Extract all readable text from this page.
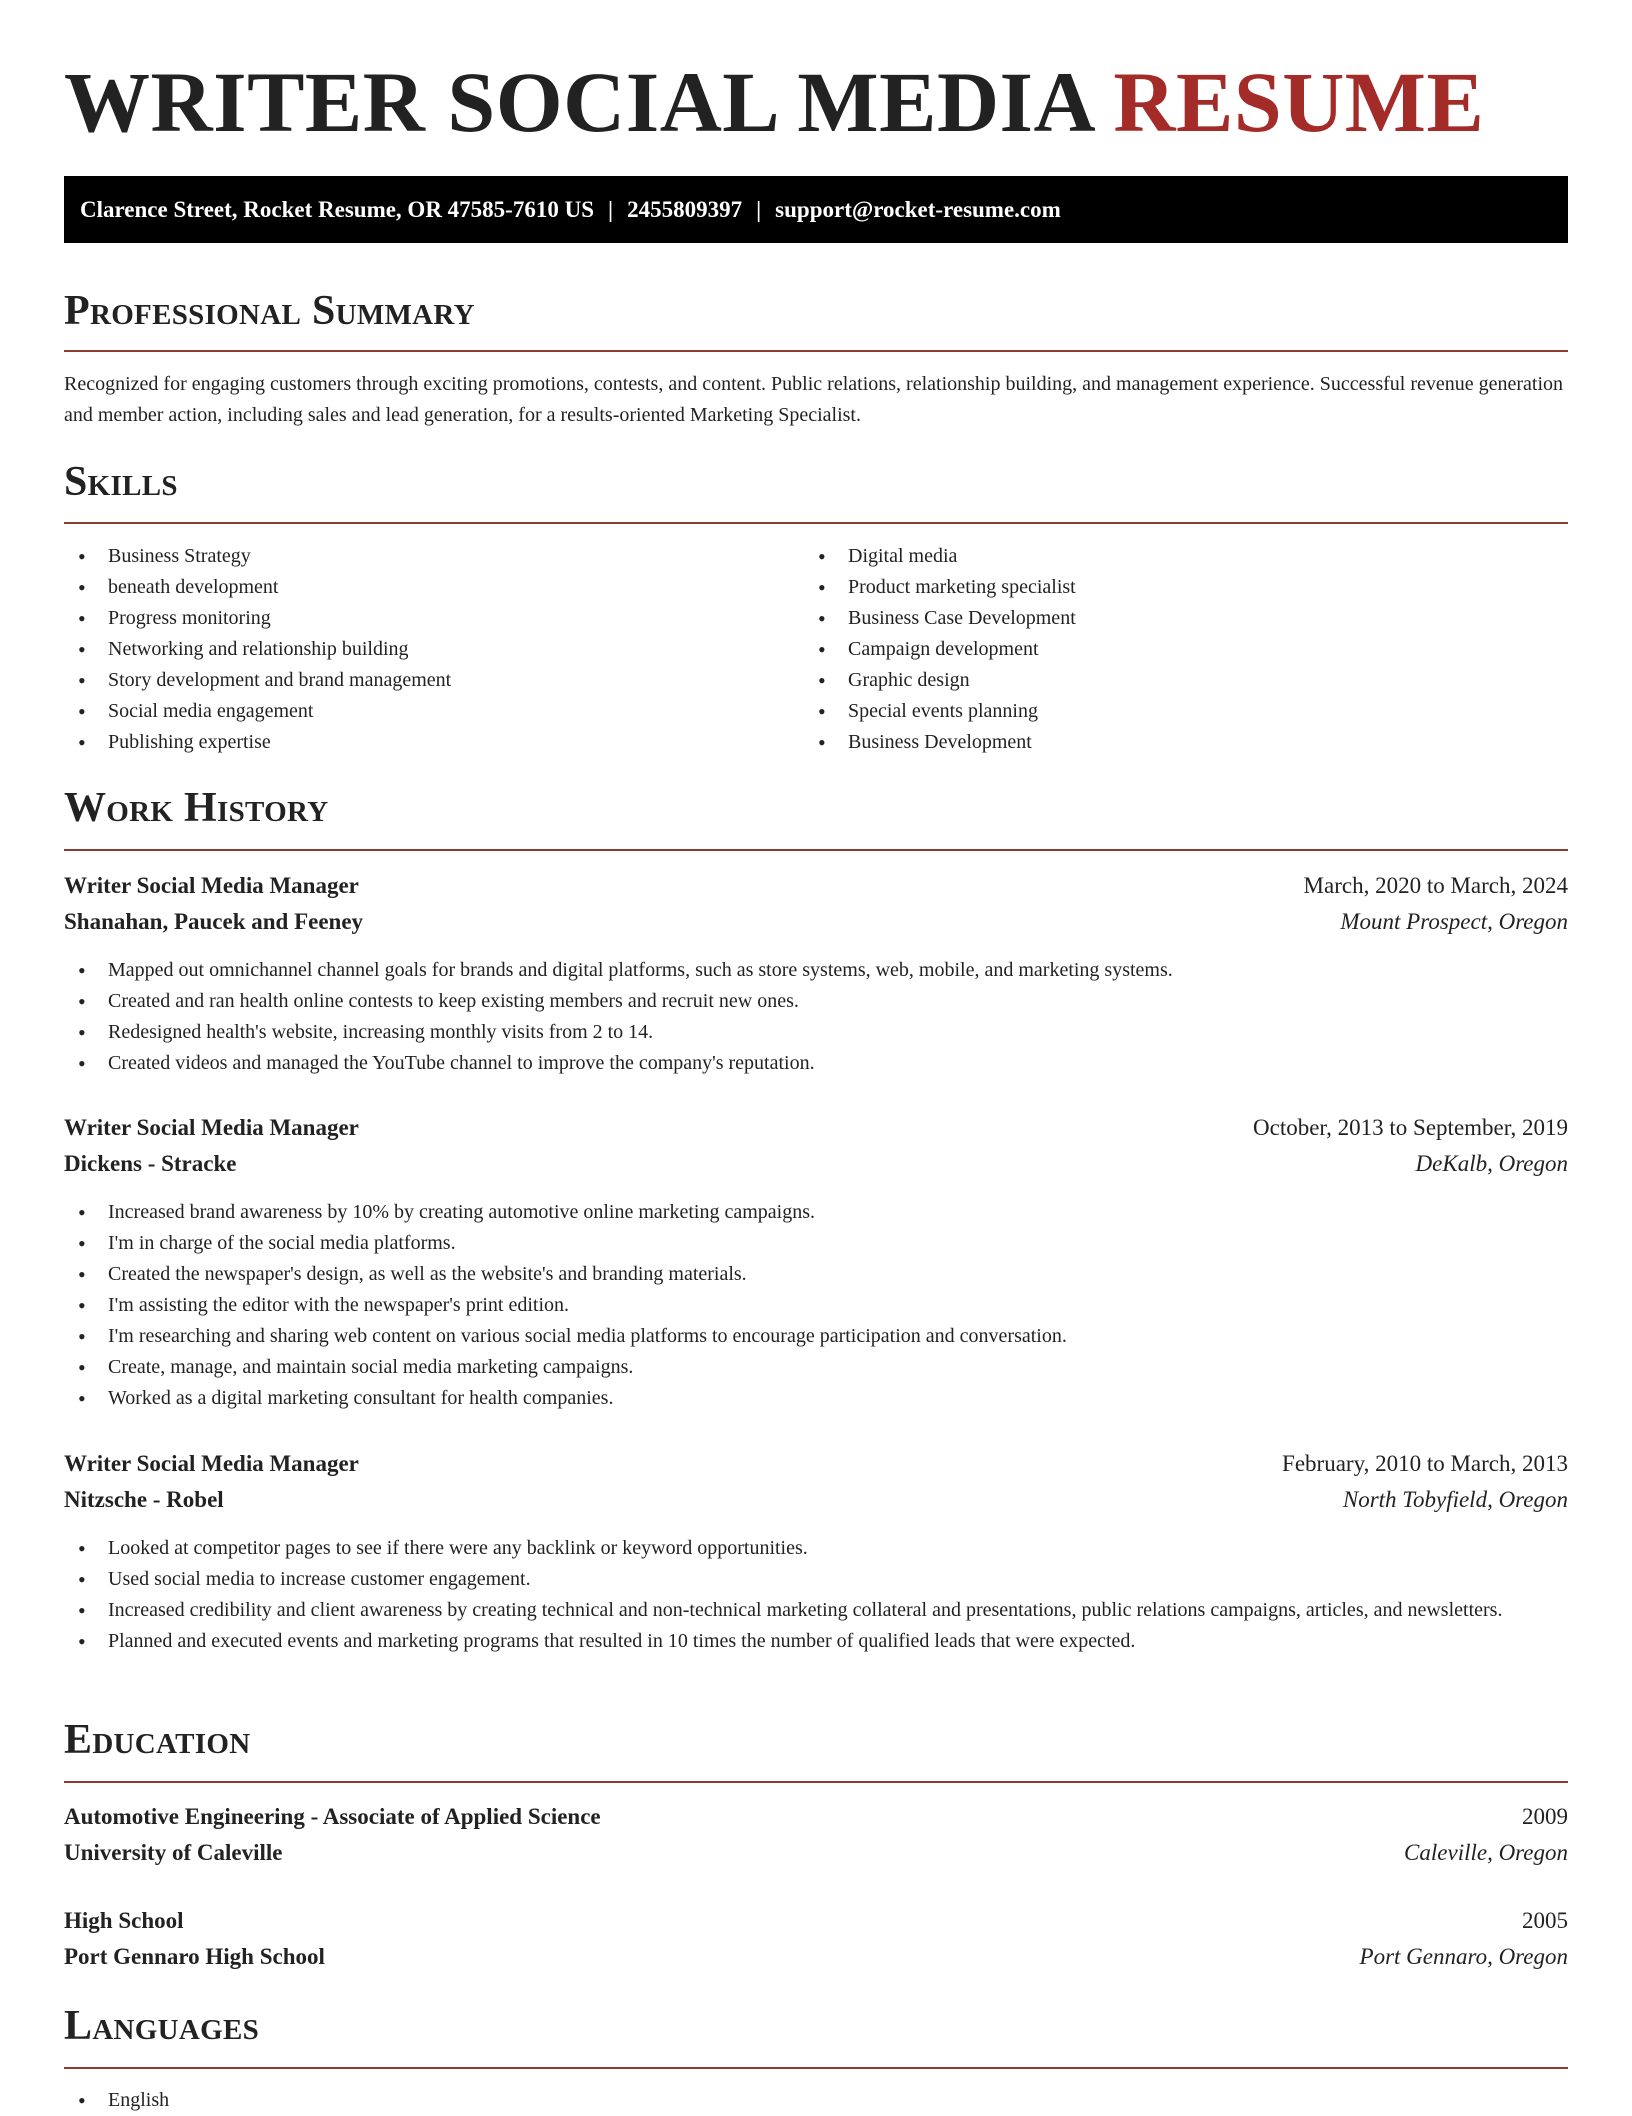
WRITER SOCIAL MEDIA RESUME
Clarence Street, Rocket Resume, OR 47585-7610 US | 2455809397 | support@rocket-resume.com
Professional Summary

Recognized for engaging customers through exciting promotions, contests, and content. Public relations, relationship building, and management experience. Successful revenue generation and member action, including sales and lead generation, for a results-oriented Marketing Specialist.

Skills
• Business Strategy
• beneath development
• Progress monitoring
• Networking and relationship building
• Story development and brand management
• Social media engagement
• Publishing expertise
• Digital media
• Product marketing specialist
• Business Case Development
• Campaign development
• Graphic design
• Special events planning
• Business Development
Work History
Writer Social Media Manager	March, 2020 to March, 2024
Shanahan, Paucek and Feeney	Mount Prospect, Oregon
• Mapped out omnichannel channel goals for brands and digital platforms, such as store systems, web, mobile, and marketing systems.
• Created and ran health online contests to keep existing members and recruit new ones.
• Redesigned health's website, increasing monthly visits from 2 to 14.
• Created videos and managed the YouTube channel to improve the company's reputation.
Writer Social Media Manager	October, 2013 to September, 2019
Dickens - Stracke	DeKalb, Oregon
• Increased brand awareness by 10% by creating automotive online marketing campaigns.
• I'm in charge of the social media platforms.
• Created the newspaper's design, as well as the website's and branding materials.
• I'm assisting the editor with the newspaper's print edition.
• I'm researching and sharing web content on various social media platforms to encourage participation and conversation.
• Create, manage, and maintain social media marketing campaigns.
• Worked as a digital marketing consultant for health companies.
Writer Social Media Manager	February, 2010 to March, 2013
Nitzsche - Robel	North Tobyfield, Oregon
• Looked at competitor pages to see if there were any backlink or keyword opportunities.
• Used social media to increase customer engagement.
• Increased credibility and client awareness by creating technical and non-technical marketing collateral and presentations, public relations campaigns, articles, and newsletters.
• Planned and executed events and marketing programs that resulted in 10 times the number of qualified leads that were expected.
Education
Automotive Engineering - Associate of Applied Science	2009
University of Caleville	Caleville, Oregon
High School	2005
Port Gennaro High School	Port Gennaro, Oregon
Languages
• English
